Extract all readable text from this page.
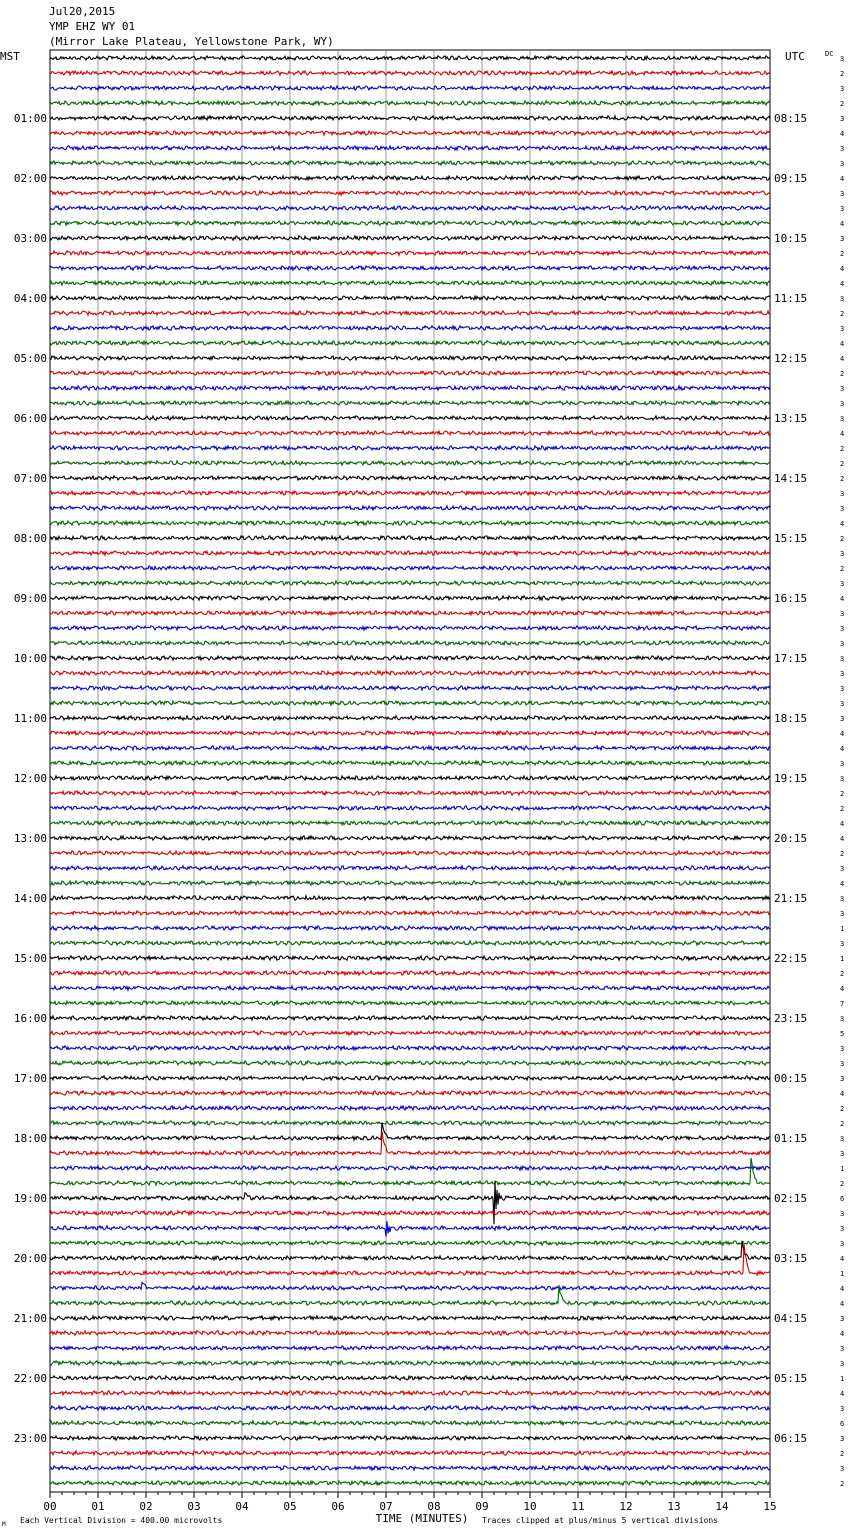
Jul20,2015
YMP EHZ WY 01
(Mirror Lake Plateau, Yellowstone Park, WY)
01:00	08:15
02:00	09:15
03:00	10:15
04:00	11:15
05:00	12:15
06:00	13:15
07:00	14:15
08:00	15:15
09:00	16:15
10:00	17:15
11:00	18:15
12:00	19:15
13:00	20:15
14:00	21:15
15:00	22:15
16:00	23:15
17:00	00:15
18:00	01:15
19:00	02:15
20:00	03:15
21:00	04:15
22:00	05:15
23:00	06:15
MST	UTC	DC
3
2
3
2
3
4
3
3
4
3
3
4
3
2
4
4
3
2
3
4
4
2
3
3
3
4
2
2
2
3
3
4
2
3
2
3
4
3
3
3
3
3
3
3
3
4
4
3
3
2
2
4
4
2
3
4
3
3
1
3
1
2
4
7
3
5
3
3
3
4
2
2
3
3
1
2
6
3
3
3
4
1
4
4
3
4
3
3
1
4
3
6
3
2
3
2
00	01	02	03	04	05	06	07	08	09	10	11	12	13	14	15
TIME (MINUTES)
Each Vertical Division = 400.00 microvolts	Traces clipped at plus/minus 5 vertical divisions
M
